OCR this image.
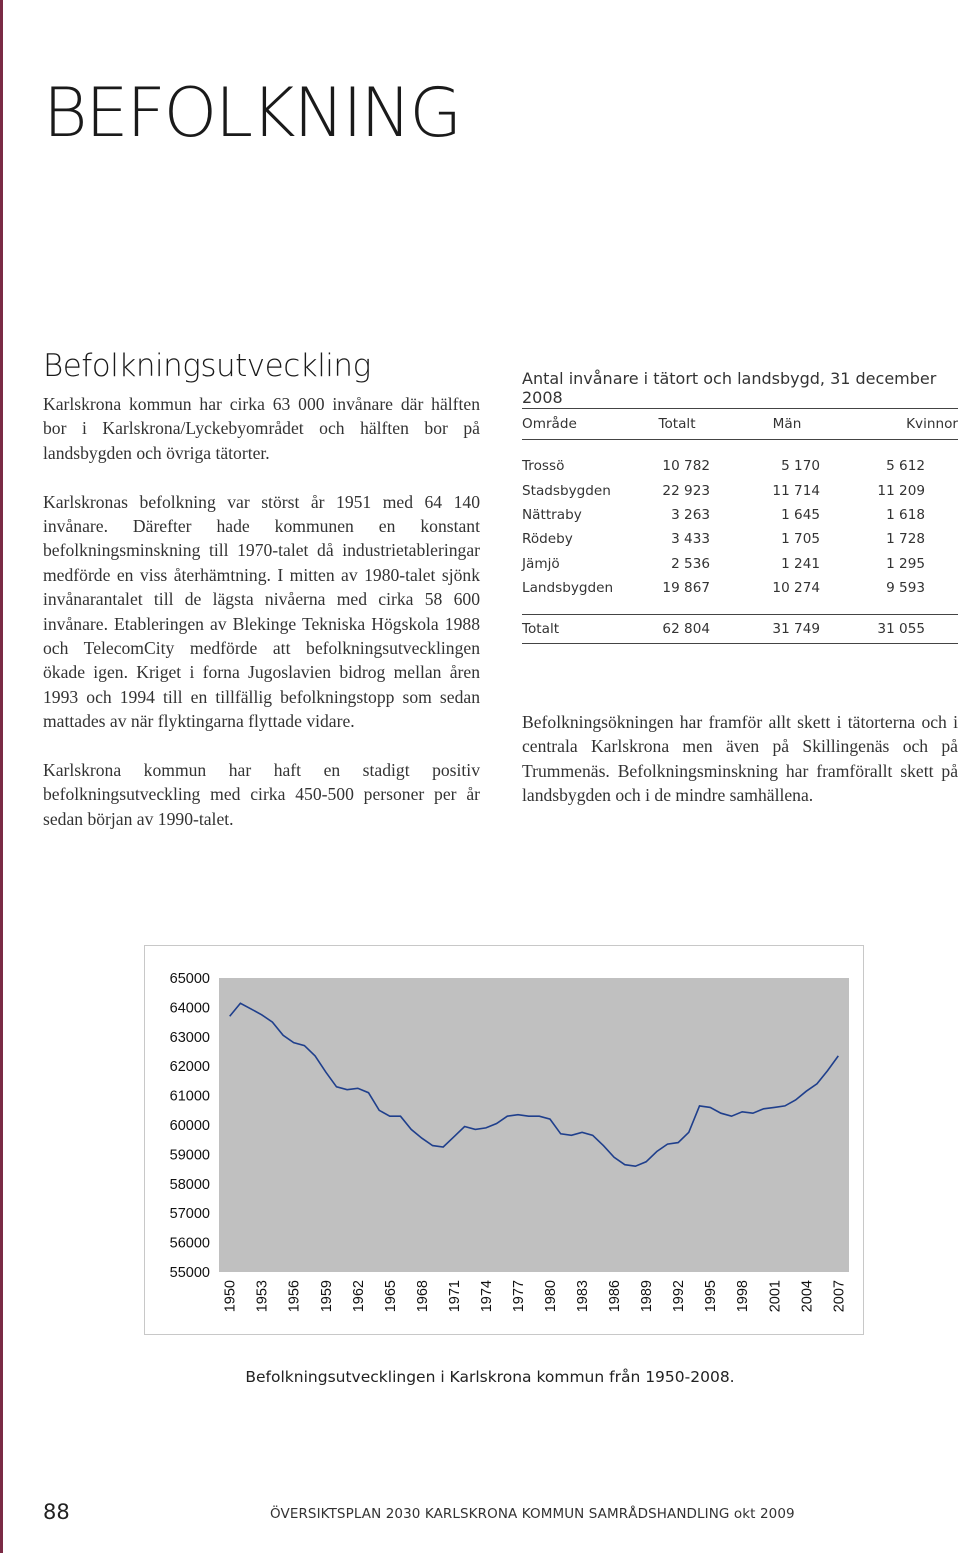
BEFOLKNING
Befolkningsutveckling

Karlskrona kommun har cirka 63 000 invånare där hälften bor i Karlskrona/Lyckebyområdet och hälften bor på landsbygden och övriga tätorter.

Karlskronas befolkning var störst år 1951 med 64 140 invånare. Därefter hade kommunen en konstant befolkningsminskning till 1970-talet då industrietableringar medförde en viss återhämtning. I mitten av 1980-talet sjönk invånarantalet till de lägsta nivåerna med cirka 58 600 invånare. Etableringen av Blekinge Tekniska Högskola 1988 och TelecomCity medförde att befolkningsutvecklingen ökade igen. Kriget i forna Jugoslavien bidrog mellan åren 1993 och 1994 till en tillfällig befolkningstopp som sedan mattades av när flyktingarna flyttade vidare.

Karlskrona kommun har haft en stadigt positiv befolkningsutveckling med cirka 450-500 personer per år sedan början av 1990-talet.

Antal invånare i tätort och landsbygd, 31 december 2008
Område	Totalt	Män	Kvinnor

Trossö	10 782	5 170	5 612
Stadsbygden	22 923	11 714	11 209
Nättraby	3 263	1 645	1 618
Rödeby	3 433	1 705	1 728
Jämjö	2 536	1 241	1 295
Landsbygden	19 867	10 274	9 593

Totalt	62 804	31 749	31 055

Befolkningsökningen har framför allt skett i tätorterna och i centrala Karlskrona men även på Skillingenäs och på Trummenäs. Befolkningsminskning har framförallt skett på landsbygden och i de mindre samhällena.

65000
64000
63000
62000
61000
60000
59000
58000
57000
56000
55000
1950 1953 1956 1959 1962 1965 1968 1971 1974 1977 1980 1983 1986 1989 1992 1995 1998 2001 2004 2007

Befolkningsutvecklingen i Karlskrona kommun från 1950-2008.

88	ÖVERSIKTSPLAN 2030 KARLSKRONA KOMMUN SAMRÅDSHANDLING okt 2009
